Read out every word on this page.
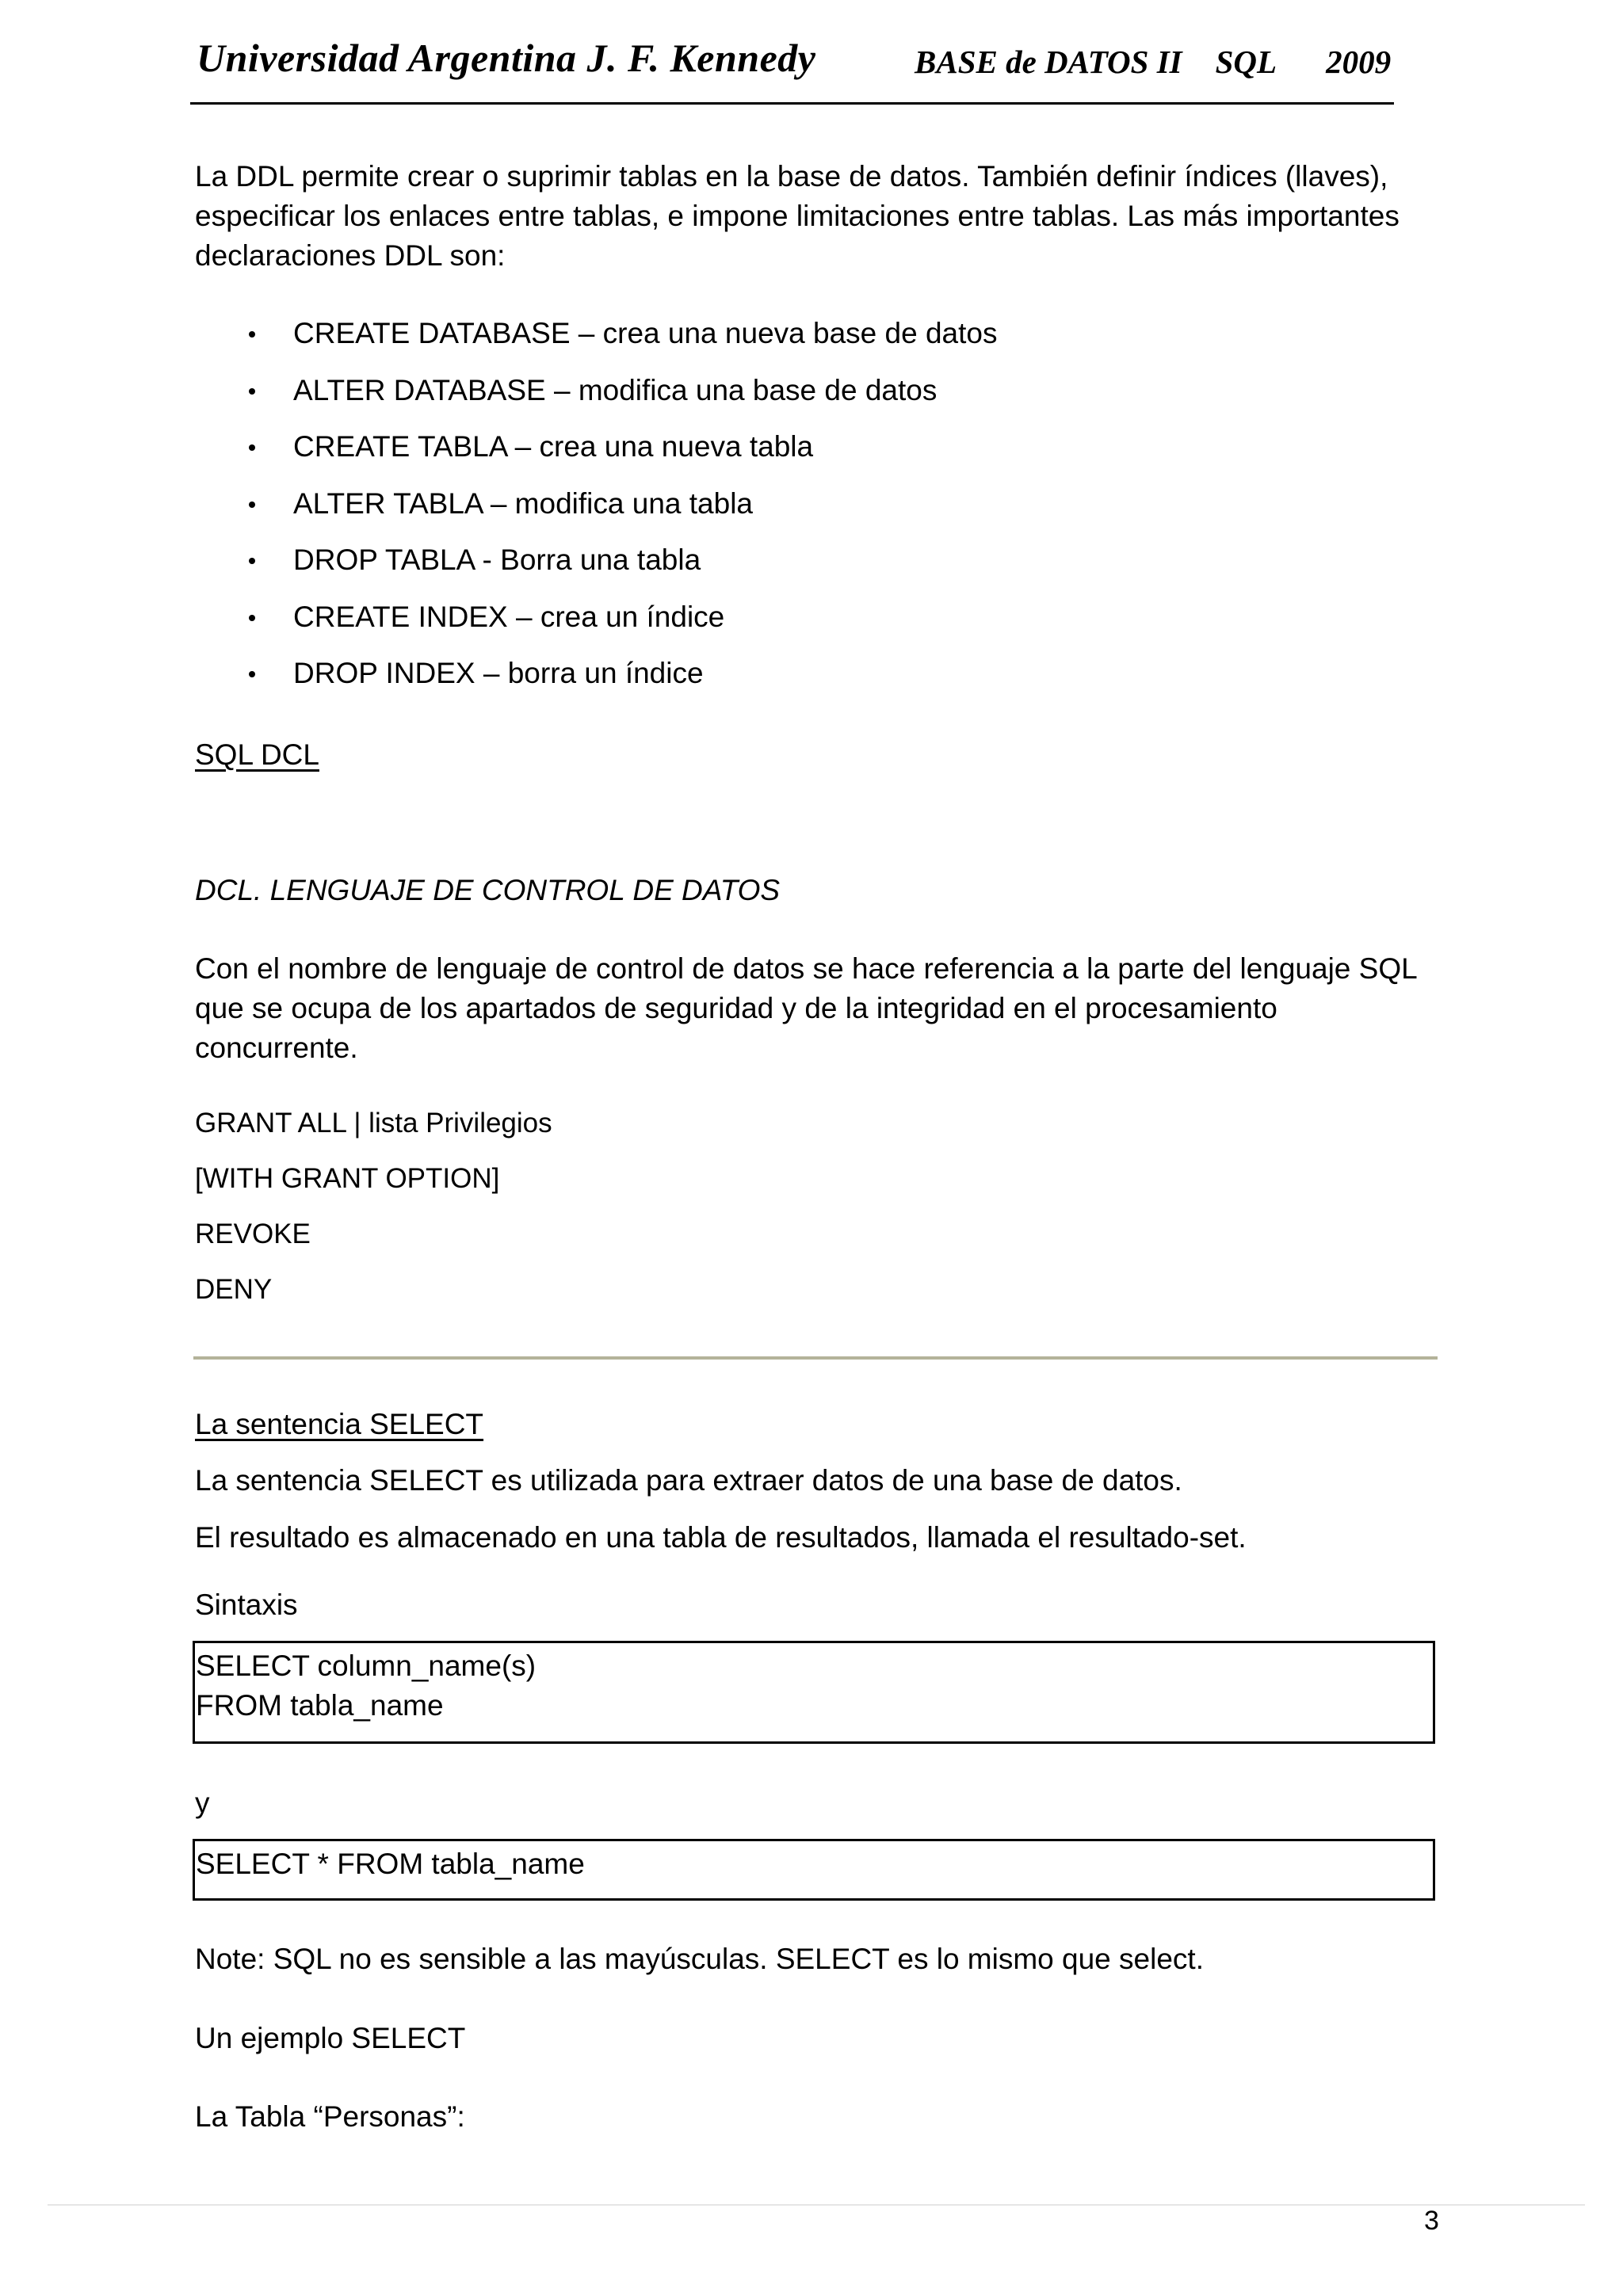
Universidad Argentina J. F. Kennedy	BASE de DATOS II SQL 2009
La DDL permite crear o suprimir tablas en la base de datos. También definir índices (llaves), especificar los enlaces entre tablas, e impone limitaciones entre tablas. Las más importantes declaraciones DDL son:
CREATE DATABASE – crea una nueva base de datos
ALTER DATABASE – modifica una base de datos
CREATE TABLA – crea una nueva tabla
ALTER TABLA – modifica una tabla
DROP TABLA - Borra una tabla
CREATE INDEX – crea un índice
DROP INDEX – borra un índice
SQL DCL
DCL. LENGUAJE DE CONTROL DE DATOS
Con el nombre de lenguaje de control de datos se hace referencia a la parte del lenguaje SQL que se ocupa de los apartados de seguridad y de la integridad en el procesamiento concurrente.
GRANT ALL | lista Privilegios
[WITH GRANT OPTION]
REVOKE
DENY
La sentencia SELECT
La sentencia SELECT es utilizada para extraer datos de una base de datos.
El resultado es almacenado en una tabla de resultados, llamada el resultado-set.
Sintaxis
SELECT column_name(s)
FROM tabla_name
y
SELECT * FROM tabla_name
Note: SQL no es sensible a las mayúsculas. SELECT es lo mismo que select.
Un ejemplo SELECT
La Tabla “Personas”:
3
